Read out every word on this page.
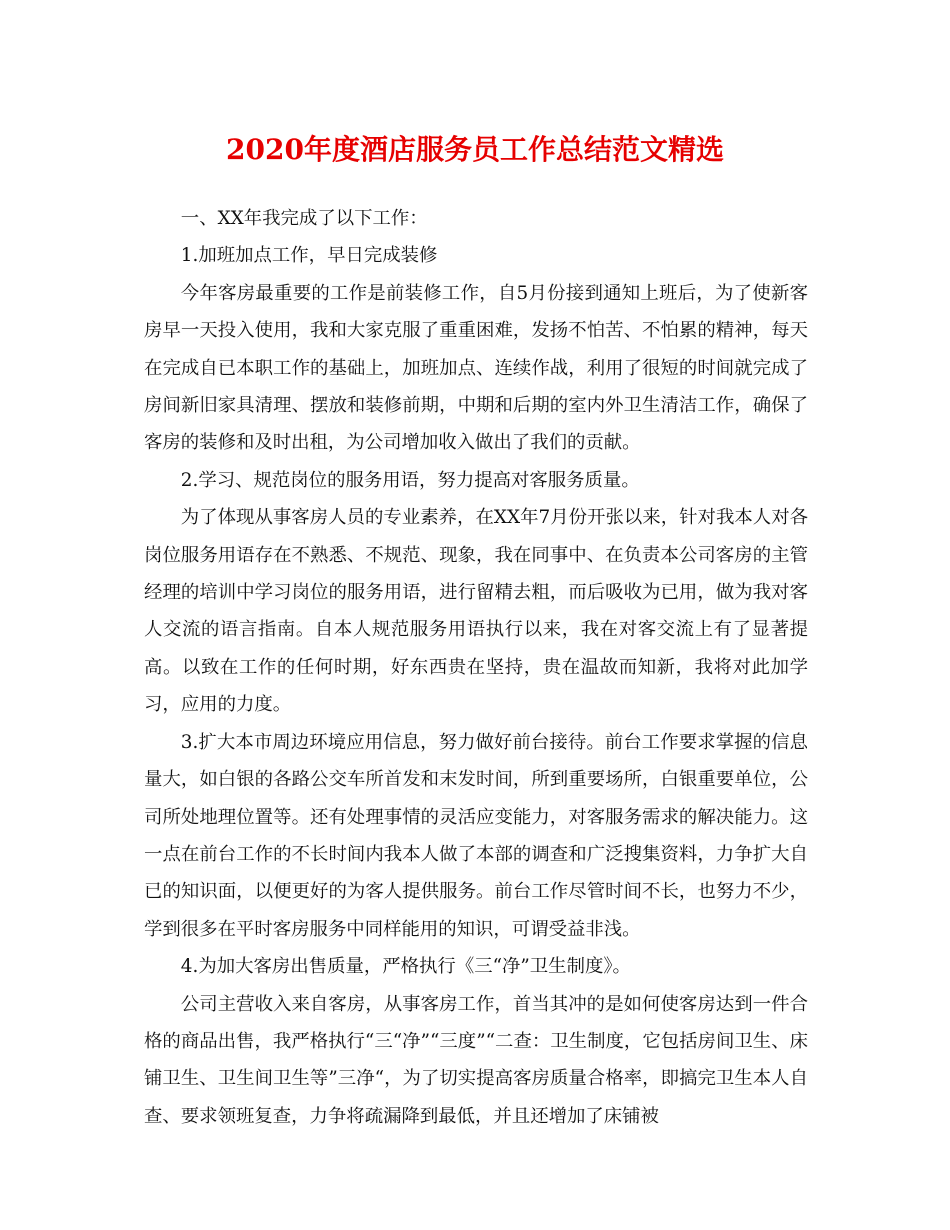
2020年度酒店服务员工作总结范文精选

一、XX年我完成了以下工作：

1.加班加点工作，早日完成装修

今年客房最重要的工作是前装修工作，自5月份接到通知上班后，为了使新客房早一天投入使用，我和大家克服了重重困难，发扬不怕苦、不怕累的精神，每天在完成自已本职工作的基础上，加班加点、连续作战，利用了很短的时间就完成了房间新旧家具清理、摆放和装修前期，中期和后期的室内外卫生清洁工作，确保了客房的装修和及时出租，为公司增加收入做出了我们的贡献。

2.学习、规范岗位的服务用语，努力提高对客服务质量。

为了体现从事客房人员的专业素养，在XX年7月份开张以来，针对我本人对各岗位服务用语存在不熟悉、不规范、现象，我在同事中、在负责本公司客房的主管经理的培训中学习岗位的服务用语，进行留精去粗，而后吸收为已用，做为我对客人交流的语言指南。自本人规范服务用语执行以来，我在对客交流上有了显著提高。以致在工作的任何时期，好东西贵在坚持，贵在温故而知新，我将对此加学习，应用的力度。

3.扩大本市周边环境应用信息，努力做好前台接待。前台工作要求掌握的信息量大，如白银的各路公交车所首发和末发时间，所到重要场所，白银重要单位，公司所处地理位置等。还有处理事情的灵活应变能力，对客服务需求的解决能力。这一点在前台工作的不长时间内我本人做了本部的调查和广泛搜集资料，力争扩大自已的知识面，以便更好的为客人提供服务。前台工作尽管时间不长，也努力不少，学到很多在平时客房服务中同样能用的知识，可谓受益非浅。

4.为加大客房出售质量，严格执行《三“净”卫生制度》。

公司主营收入来自客房，从事客房工作，首当其冲的是如何使客房达到一件合格的商品出售，我严格执行“三“净”“三度”“二查：卫生制度，它包括房间卫生、床铺卫生、卫生间卫生等”三净“，为了切实提高客房质量合格率，即搞完卫生本人自查、要求领班复查，力争将疏漏降到最低，并且还增加了床铺被
